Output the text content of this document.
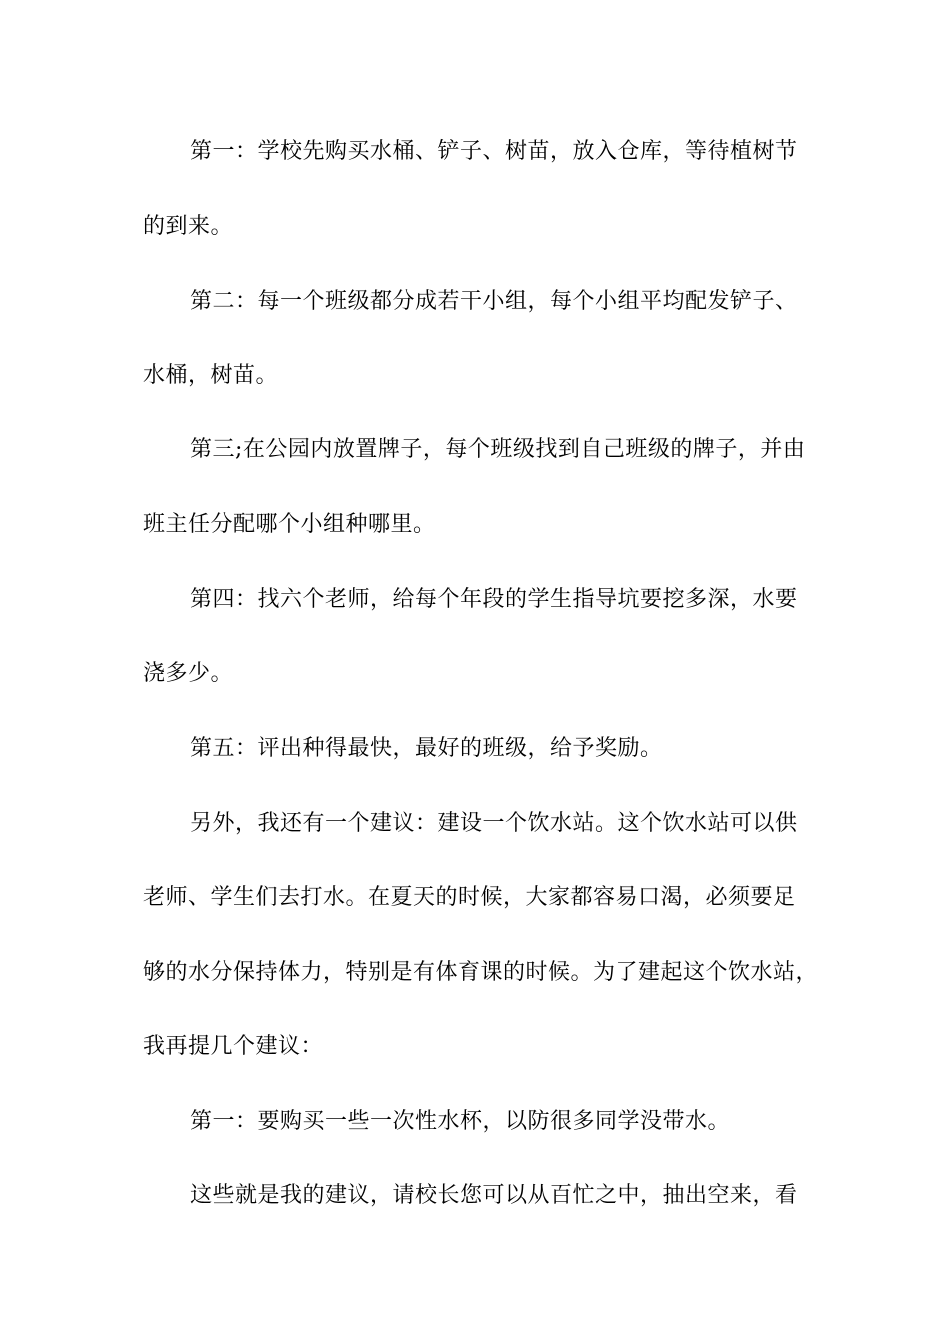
第一：学校先购买水桶、铲子、树苗，放入仓库，等待植树节
的到来。
第二：每一个班级都分成若干小组，每个小组平均配发铲子、
水桶，树苗。
第三;在公园内放置牌子，每个班级找到自己班级的牌子，并由
班主任分配哪个小组种哪里。
第四：找六个老师，给每个年段的学生指导坑要挖多深，水要
浇多少。
第五：评出种得最快，最好的班级，给予奖励。
另外，我还有一个建议：建设一个饮水站。这个饮水站可以供
老师、学生们去打水。在夏天的时候，大家都容易口渴，必须要足
够的水分保持体力，特别是有体育课的时候。为了建起这个饮水站，
我再提几个建议：
第一：要购买一些一次性水杯，以防很多同学没带水。
这些就是我的建议，请校长您可以从百忙之中，抽出空来，看
